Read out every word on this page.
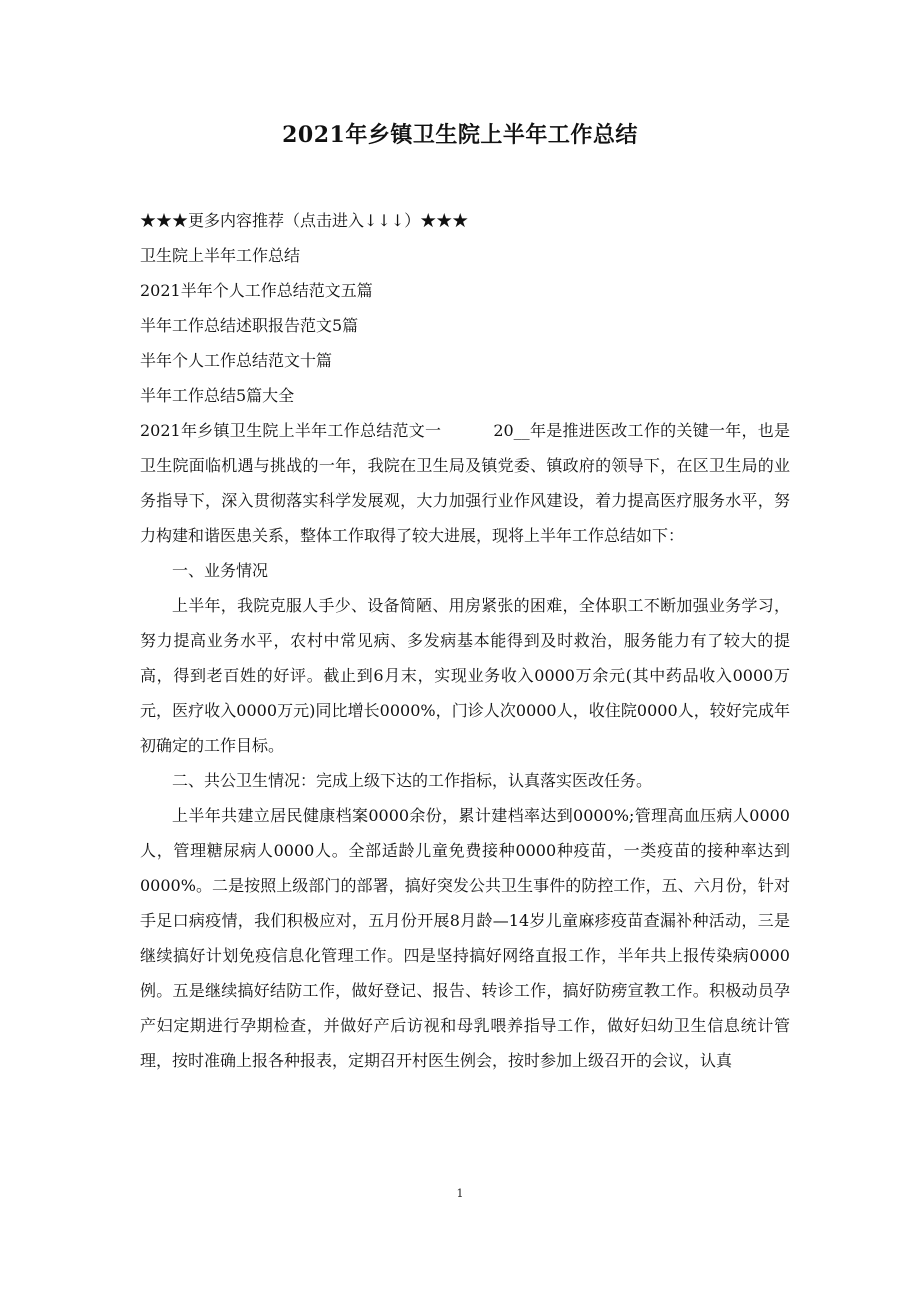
2021年乡镇卫生院上半年工作总结

★★★更多内容推荐（点击进入↓↓↓）★★★

卫生院上半年工作总结

2021半年个人工作总结范文五篇

半年工作总结述职报告范文5篇

半年个人工作总结范文十篇

半年工作总结5篇大全

2021年乡镇卫生院上半年工作总结范文一	20__年是推进医改工作的关键一年，也是卫生院面临机遇与挑战的一年，我院在卫生局及镇党委、镇政府的领导下，在区卫生局的业务指导下，深入贯彻落实科学发展观，大力加强行业作风建设，着力提高医疗服务水平，努力构建和谐医患关系，整体工作取得了较大进展，现将上半年工作总结如下：

一、业务情况

上半年，我院克服人手少、设备简陋、用房紧张的困难，全体职工不断加强业务学习，努力提高业务水平，农村中常见病、多发病基本能得到及时救治，服务能力有了较大的提高，得到老百姓的好评。截止到6月末，实现业务收入0000万余元(其中药品收入0000万元，医疗收入0000万元)同比增长0000%，门诊人次0000人，收住院0000人，较好完成年初确定的工作目标。

二、共公卫生情况：完成上级下达的工作指标，认真落实医改任务。

上半年共建立居民健康档案0000余份，累计建档率达到0000%;管理高血压病人0000人，管理糖尿病人0000人。全部适龄儿童免费接种0000种疫苗，一类疫苗的接种率达到0000%。二是按照上级部门的部署，搞好突发公共卫生事件的防控工作，五、六月份，针对手足口病疫情，我们积极应对，五月份开展8月龄—14岁儿童麻疹疫苗查漏补种活动，三是继续搞好计划免疫信息化管理工作。四是坚持搞好网络直报工作，半年共上报传染病0000例。五是继续搞好结防工作，做好登记、报告、转诊工作，搞好防痨宣教工作。积极动员孕产妇定期进行孕期检查，并做好产后访视和母乳喂养指导工作，做好妇幼卫生信息统计管理，按时准确上报各种报表，定期召开村医生例会，按时参加上级召开的会议，认真

1
